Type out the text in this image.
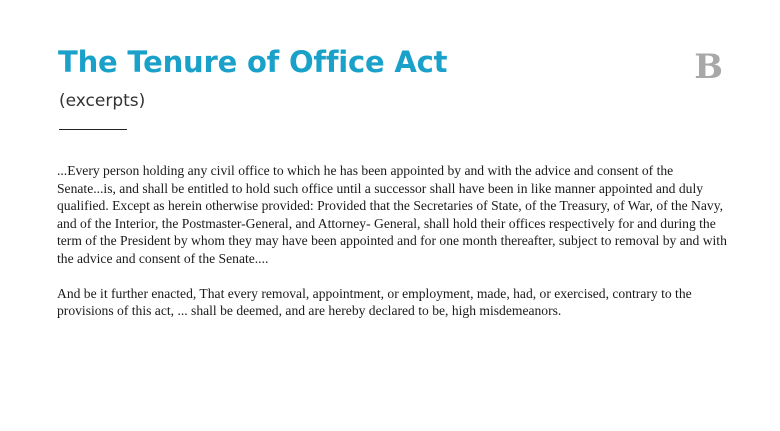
The Tenure of Office Act
(excerpts)
B

...Every person holding any civil office to which he has been appointed by and with the advice and consent of the Senate...is, and shall be entitled to hold such office until a successor shall have been in like manner appointed and duly qualified. Except as herein otherwise provided: Provided that the Secretaries of State, of the Treasury, of War, of the Navy, and of the Interior, the Postmaster-General, and Attorney- General, shall hold their offices respectively for and during the term of the President by whom they may have been appointed and for one month thereafter, subject to removal by and with the advice and consent of the Senate....

And be it further enacted, That every removal, appointment, or employment, made, had, or exercised, contrary to the provisions of this act, ... shall be deemed, and are hereby declared to be, high misdemeanors.
